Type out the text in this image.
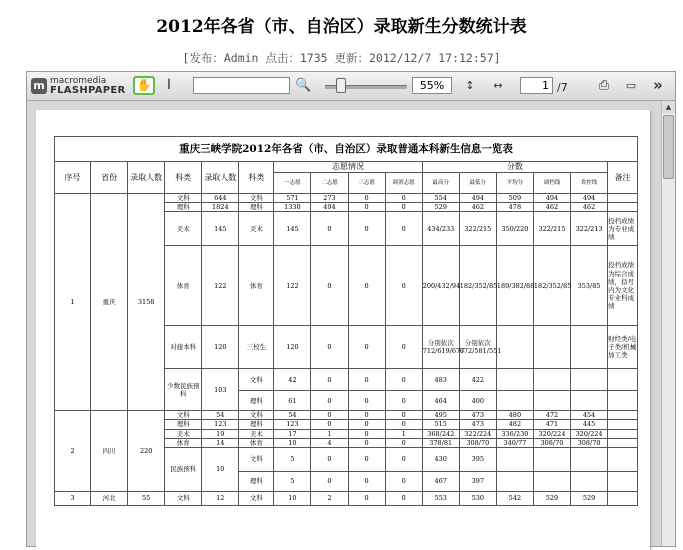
2012年各省（市、自治区）录取新生分数统计表
[发布：Admin 点击：1735 更新：2012/12/7 17:12:57]
m macromedia
FLASHPAPER ✋ I	🔍	55%	↕	↔
1	/7 ⎙	▭ »
重庆三峡学院2012年各省（市、自治区）录取普通本科新生信息一览表
序号	省份	录取人数	科类	录取人数	科类	志愿情况				分数					备注
						一志愿	二志愿	三志愿	调剂志愿	最高分	最低分	平均分	调档线	省控线	
1	重庆	3158	文科	644	文科	571	273	0	0	554	494	509	494	494	
			理科	1824	理科	1330	494	0	0	529	462	478	462	462	
			美术	145	美术	145	0	0	0	434/233	322/215	350/220	322/215	322/213	投档成绩为专业成绩
			体育	122	体育	122	0	0	0	200/432/94	182/352/85	189/382/88	182/352/85	353/85	投档成绩为综合成绩，括号内为文化专业科成绩
			对接本科	120	三校生	120	0	0	0	分别依次712/619/677	分别依次672/581/551				财经类/电子类/机械加工类
			少数民族预科	103	文科	42	0	0	0	483	422				
					理科	61	0	0	0	464	400				
2	四川	220	文科	54	文科	54	0	0	0	495	473	480	472	454	
			理科	123	理科	123	0	0	0	515	473	482	471	445	
			美术	19	美术	17	1	0	1	368/242	322/224	336/230	320/224	320/224	
			体育	14	体育	10	4	0	0	378/81	308/70	340/77	308/70	308/70	
			民族预科	10	文科	5	0	0	0	430	395				
					理科	5	0	0	0	467	397				
3	河北	55	文科	12	文科	10	2	0	0	553	530	542	529	529	
▲
